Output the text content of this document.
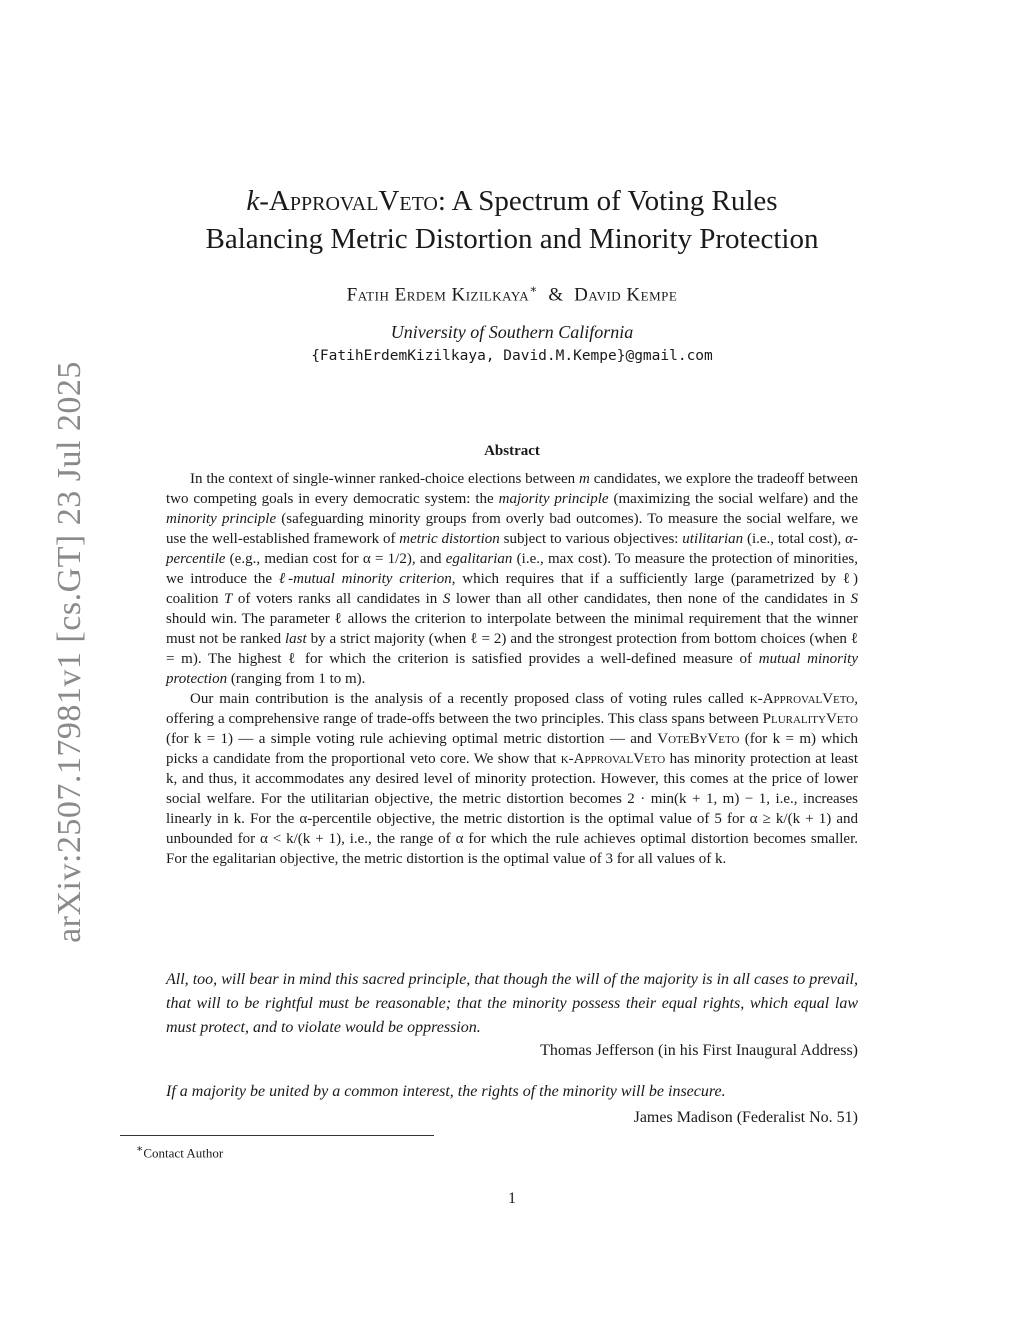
arXiv:2507.17981v1 [cs.GT] 23 Jul 2025
k-ApprovalVeto: A Spectrum of Voting Rules
Balancing Metric Distortion and Minority Protection
Fatih Erdem Kizilkaya∗ & David Kempe
University of Southern California
{FatihErdemKizilkaya, David.M.Kempe}@gmail.com
Abstract

In the context of single-winner ranked-choice elections between m candidates, we explore the tradeoff between two competing goals in every democratic system: the majority principle (maximizing the social welfare) and the minority principle (safeguarding minority groups from overly bad outcomes). To measure the social welfare, we use the well-established framework of metric distortion subject to various objectives: utilitarian (i.e., total cost), α-percentile (e.g., median cost for α = 1/2), and egalitarian (i.e., max cost). To measure the protection of minorities, we introduce the ℓ-mutual minority criterion, which requires that if a sufficiently large (parametrized by ℓ) coalition T of voters ranks all candidates in S lower than all other candidates, then none of the candidates in S should win. The parameter ℓ allows the criterion to interpolate between the minimal requirement that the winner must not be ranked last by a strict majority (when ℓ = 2) and the strongest protection from bottom choices (when ℓ = m). The highest ℓ for which the criterion is satisfied provides a well-defined measure of mutual minority protection (ranging from 1 to m).

Our main contribution is the analysis of a recently proposed class of voting rules called k-ApprovalVeto, offering a comprehensive range of trade-offs between the two principles. This class spans between PluralityVeto (for k = 1) — a simple voting rule achieving optimal metric distortion — and VoteByVeto (for k = m) which picks a candidate from the proportional veto core. We show that k-ApprovalVeto has minority protection at least k, and thus, it accommodates any desired level of minority protection. However, this comes at the price of lower social welfare. For the utilitarian objective, the metric distortion becomes 2 · min(k + 1, m) − 1, i.e., increases linearly in k. For the α-percentile objective, the metric distortion is the optimal value of 5 for α ≥ k/(k + 1) and unbounded for α < k/(k + 1), i.e., the range of α for which the rule achieves optimal distortion becomes smaller. For the egalitarian objective, the metric distortion is the optimal value of 3 for all values of k.

All, too, will bear in mind this sacred principle, that though the will of the majority is in all cases to prevail, that will to be rightful must be reasonable; that the minority possess their equal rights, which equal law must protect, and to violate would be oppression.
Thomas Jefferson (in his First Inaugural Address)
If a majority be united by a common interest, the rights of the minority will be insecure.
James Madison (Federalist No. 51)
∗Contact Author
1
